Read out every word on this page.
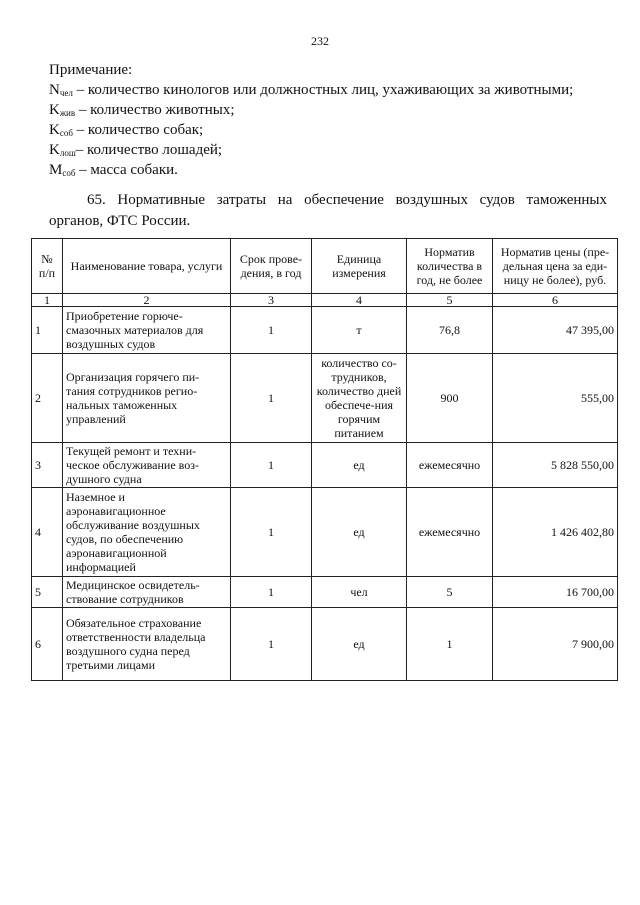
232
Примечание:
$N_{чел}$ – количество кинологов или должностных лиц, ухаживающих за животными;
$K_{жив}$ – количество животных;
$K_{соб}$ – количество собак;
$K_{лош}-$ количество лошадей;
$M_{соб}$ – масса собаки.
65. Нормативные затраты на обеспечение воздушных судов таможенных органов, ФТС России.
№ п/п	Наименование товара, услуги	Срок прове-дения, в год	Единица измерения	Норматив количества в год, не более	Норматив цены (пре-дельная цена за еди-ницу не более), руб.
1	2	3	4	5	6
1	Приобретение горюче-смазочных материалов для воздушных судов	1	т	76,8	47 395,00
2	Организация горячего пи-тания сотрудников регио-нальных таможенных управлений	1	количество со-трудников, количество дней обеспече-ния горячим питанием	900	555,00
3	Текущей ремонт и техни-ческое обслуживание воз-душного судна	1	ед	ежемесячно	5 828 550,00
4	Наземное и аэронавигационное обслуживание воздушных судов, по обеспечению аэронавигационной информацией	1	ед	ежемесячно	1 426 402,80
5	Медицинское освидетель-ствование сотрудников	1	чел	5	16 700,00
6	Обязательное страхование ответственности владельца воздушного судна перед третьими лицами	1	ед	1	7 900,00
